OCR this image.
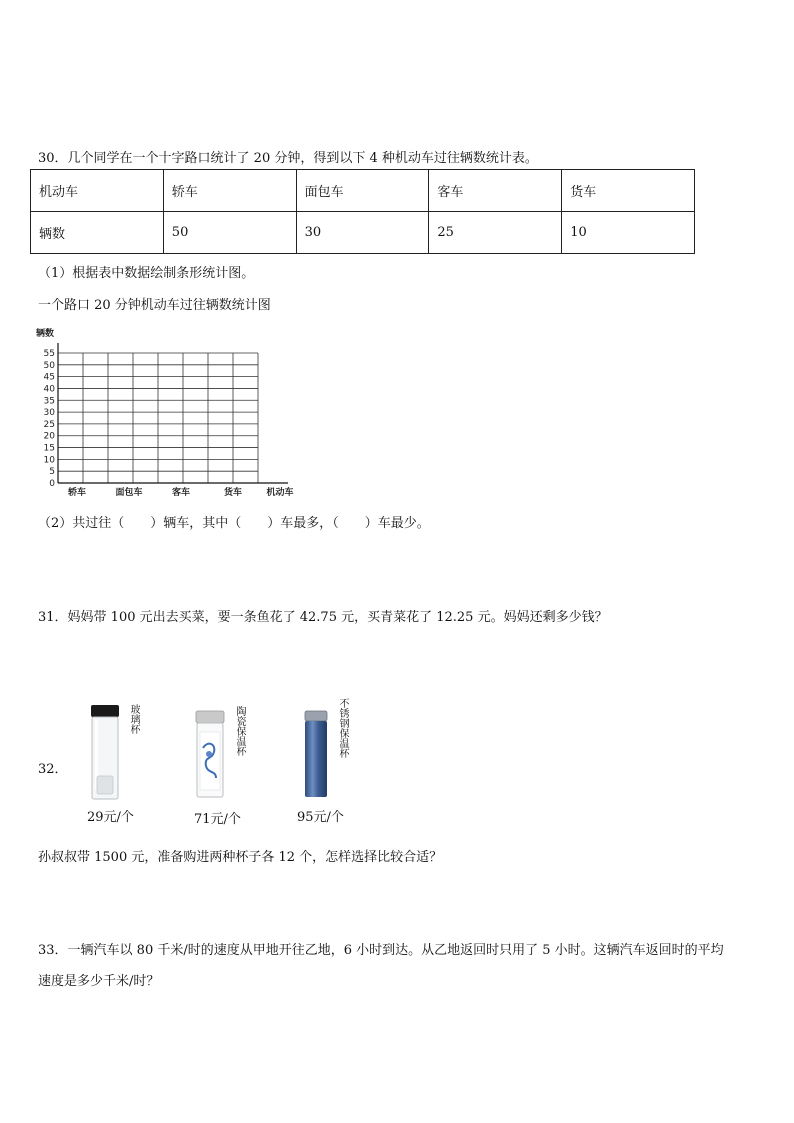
30．几个同学在一个十字路口统计了 20 分钟，得到以下 4 种机动车过往辆数统计表。
机动车	轿车	面包车	客车	货车
辆数	50	30	25	10
（1）根据表中数据绘制条形统计图。
一个路口 20 分钟机动车过往辆数统计图
0
5
10
15
20
25
30
35
40
45
50
55
辆数
轿车	面包车	客车	货车	机动车
（2）共过往（　　）辆车，其中（　　）车最多，（　　）车最少。
31．妈妈带 100 元出去买菜，要一条鱼花了 42.75 元，买青菜花了 12.25 元。妈妈还剩多少钱？
32．
玻璃杯
29元/个
陶瓷保温杯
71元/个
不锈钢保温杯
95元/个
孙叔叔带 1500 元，准备购进两种杯子各 12 个，怎样选择比较合适？
33．一辆汽车以 80 千米/时的速度从甲地开往乙地，6 小时到达。从乙地返回时只用了 5 小时。这辆汽车返回时的平均
速度是多少千米/时？
